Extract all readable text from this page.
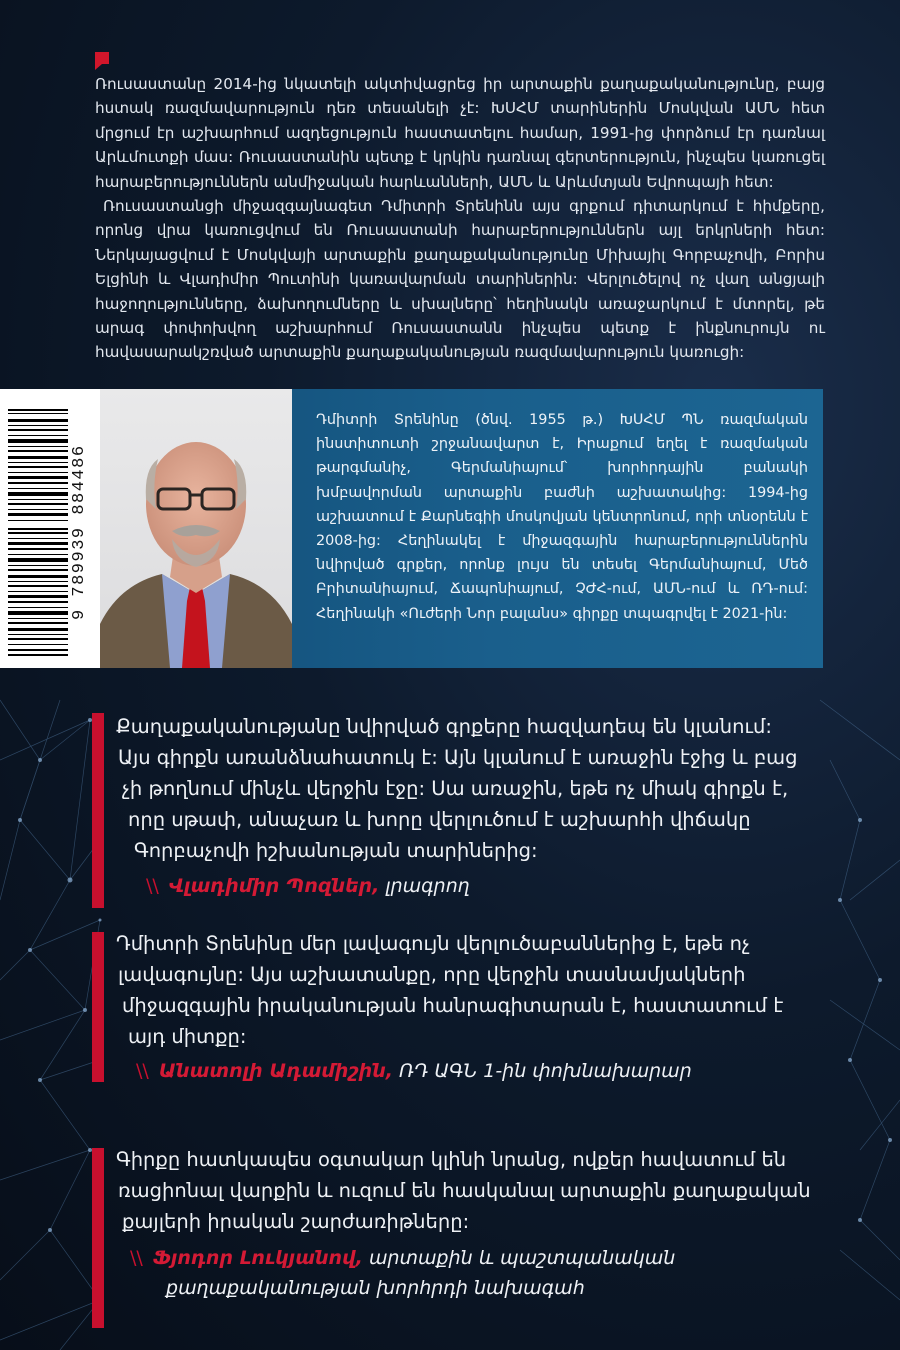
Ռուսաստանը 2014-ից նկատելի ակտիվացրեց իր արտաքին քաղաքականությունը, բայց հստակ ռազմավարություն դեռ տեսանելի չէ: ԽՍՀՄ տարիներին Մոսկվան ԱՄՆ հետ մրցում էր աշխարհում ազդեցություն հաստատելու համար, 1991-ից փորձում էր դառնալ Արևմուտքի մաս: Ռուսաստանին պետք է կրկին դառնալ գերտերություն, ինչպես կառուցել հարաբերություններն անմիջական հարևանների, ԱՄՆ և Արևմտյան Եվրոպայի հետ:

Ռուսաստանցի միջազգայնագետ Դմիտրի Տրենինն այս գրքում դիտարկում է հիմքերը, որոնց վրա կառուցվում են Ռուսաստանի հարաբերություններն այլ երկրների հետ: Ներկայացվում է Մոսկվայի արտաքին քաղաքականությունը Միխայիլ Գորբաչովի, Բորիս Ելցինի և Վլադիմիր Պուտինի կառավարման տարիներին: Վերլուծելով ոչ վաղ անցյալի հաջողությունները, ձախողումները և սխալները՝ հեղինակն առաջարկում է մտորել, թե արագ փոփոխվող աշխարհում Ռուսաստանն ինչպես պետք է ինքնուրույն ու հավասարակշռված արտաքին քաղաքականության ռազմավարություն կառուցի:

9 789939 884486

Դմիտրի Տրենինը (ծնվ. 1955 թ.) ԽՍՀՄ ՊՆ ռազմական ինստիտուտի շրջանավարտ է, Իրաքում եղել է ռազմական թարգմանիչ, Գերմանիայում՝ խորհրդային բանակի խմբավորման արտաքին բաժնի աշխատակից: 1994-ից աշխատում է Քարնեգիի մոսկովյան կենտրոնում, որի տնօրենն է 2008-ից: Հեղինակել է միջազգային հարաբերություններին նվիրված գրքեր, որոնք լույս են տեսել Գերմանիայում, Մեծ Բրիտանիայում, Ճապոնիայում, ՉԺՀ-ում, ԱՄՆ-ում և ՌԴ-ում: Հեղինակի «Ուժերի Նոր բալանս» գիրքը տպագրվել է 2021-ին:

Քաղաքականությանը նվիրված գրքերը հազվադեպ են կլանում:
Այս գիրքն առանձնահատուկ է: Այն կլանում է առաջին էջից և բաց
չի թողնում մինչև վերջին էջը: Սա առաջին, եթե ոչ միակ գիրքն է,
որը սթափ, անաչառ և խորը վերլուծում է աշխարհի վիճակը
Գորբաչովի իշխանության տարիներից:

\\ Վլադիմիր Պոզներ, լրագրող

Դմիտրի Տրենինը մեր լավագույն վերլուծաբաններից է, եթե ոչ
լավագույնը: Այս աշխատանքը, որը վերջին տասնամյակների
միջազգային իրականության հանրագիտարան է, հաստատում է
այդ միտքը:

\\ Անատոլի Ադամիշին, ՌԴ ԱԳՆ 1-ին փոխնախարար

Գիրքը հատկապես օգտակար կլինի նրանց, ովքեր հավատում են
ռացիոնալ վարքին և ուզում են հասկանալ արտաքին քաղաքական
քայլերի իրական շարժառիթները:

\\ Ֆյոդոր Լուկյանով, արտաքին և պաշտպանական
քաղաքականության խորհրդի նախագահ
